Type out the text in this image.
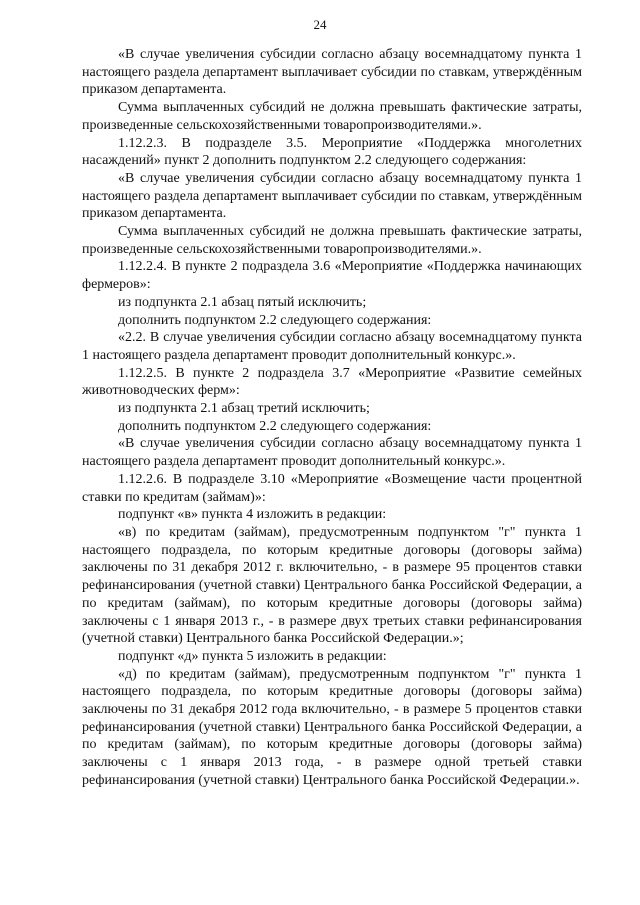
24

«В случае увеличения субсидии согласно абзацу восемнадцатому пункта 1 настоящего раздела департамент выплачивает субсидии по ставкам, утверждённым приказом департамента.

Сумма выплаченных субсидий не должна превышать фактические затраты, произведенные сельскохозяйственными товаропроизводителями.».

1.12.2.3. В подразделе 3.5. Мероприятие «Поддержка многолетних насаждений» пункт 2 дополнить подпунктом 2.2 следующего содержания:

«В случае увеличения субсидии согласно абзацу восемнадцатому пункта 1 настоящего раздела департамент выплачивает субсидии по ставкам, утверждённым приказом департамента.

Сумма выплаченных субсидий не должна превышать фактические затраты, произведенные сельскохозяйственными товаропроизводителями.».

1.12.2.4. В пункте 2 подраздела 3.6 «Мероприятие «Поддержка начинающих фермеров»:

из подпункта 2.1 абзац пятый исключить;

дополнить подпунктом 2.2 следующего содержания:

«2.2. В случае увеличения субсидии согласно абзацу восемнадцатому пункта 1 настоящего раздела департамент проводит дополнительный конкурс.».

1.12.2.5. В пункте 2 подраздела 3.7 «Мероприятие «Развитие семейных животноводческих ферм»:

из подпункта 2.1 абзац третий исключить;

дополнить подпунктом 2.2 следующего содержания:

«В случае увеличения субсидии согласно абзацу восемнадцатому пункта 1 настоящего раздела департамент проводит дополнительный конкурс.».

1.12.2.6. В подразделе 3.10 «Мероприятие «Возмещение части процентной ставки по кредитам (займам)»:

подпункт «в» пункта 4 изложить в редакции:

«в) по кредитам (займам), предусмотренным подпунктом "г" пункта 1 настоящего подраздела, по которым кредитные договоры (договоры займа) заключены по 31 декабря 2012 г. включительно, - в размере 95 процентов ставки рефинансирования (учетной ставки) Центрального банка Российской Федерации, а по кредитам (займам), по которым кредитные договоры (договоры займа) заключены с 1 января 2013 г., - в размере двух третьих ставки рефинансирования (учетной ставки) Центрального банка Российской Федерации.»;

подпункт «д» пункта 5 изложить в редакции:

«д) по кредитам (займам), предусмотренным подпунктом "г" пункта 1 настоящего подраздела, по которым кредитные договоры (договоры займа) заключены по 31 декабря 2012 года включительно, - в размере 5 процентов ставки рефинансирования (учетной ставки) Центрального банка Российской Федерации, а по кредитам (займам), по которым кредитные договоры (договоры займа) заключены с 1 января 2013 года, - в размере одной третьей ставки рефинансирования (учетной ставки) Центрального банка Российской Федерации.».
